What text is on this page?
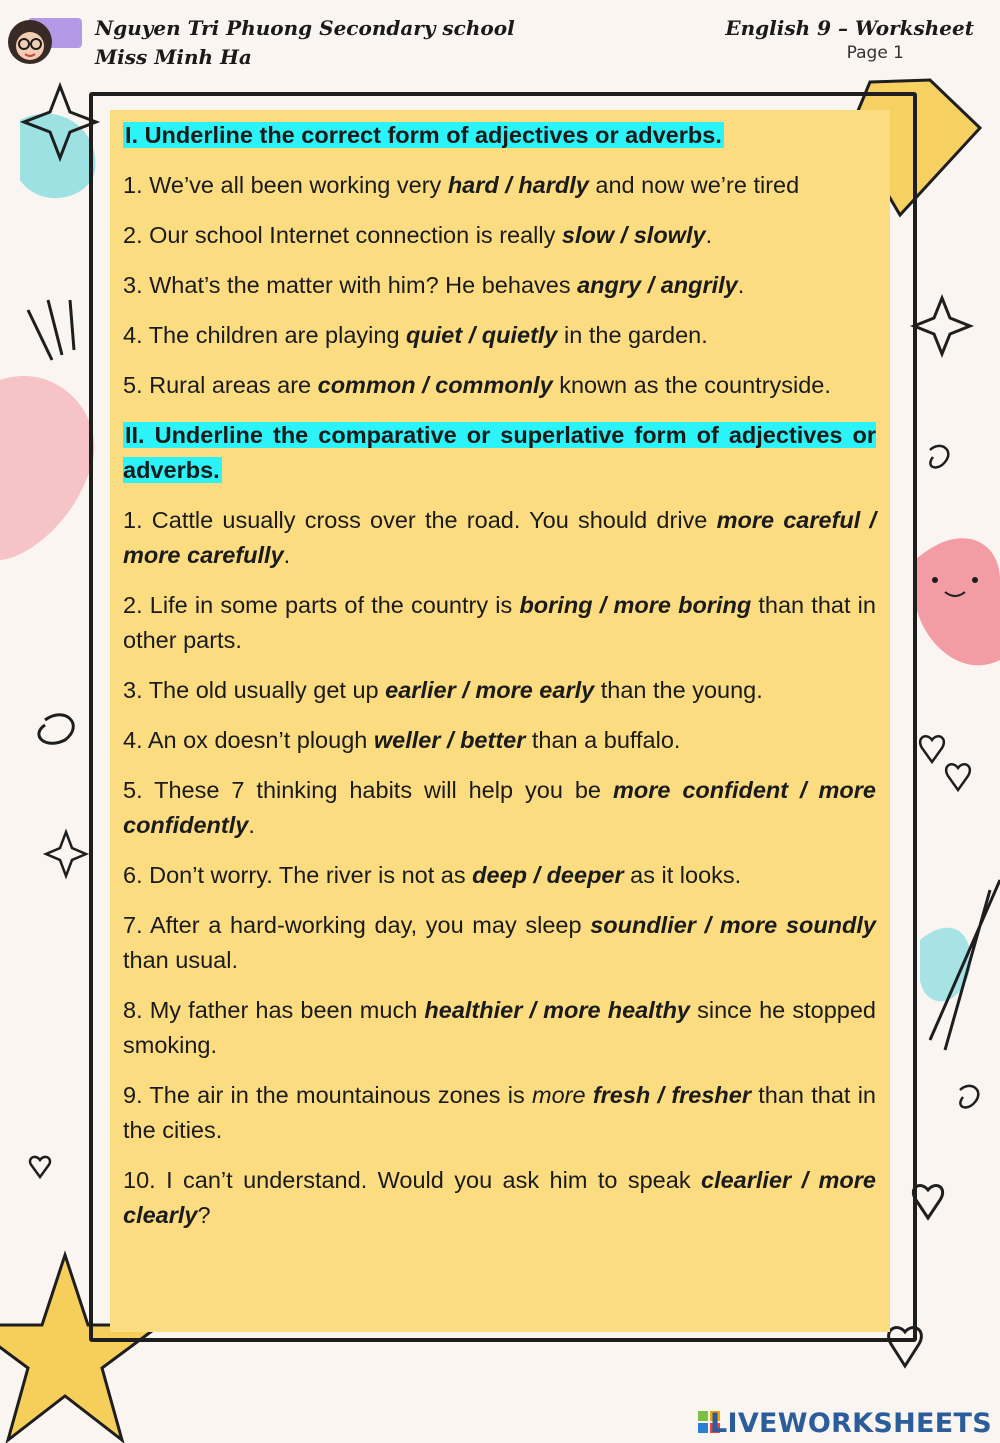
Nguyen Tri Phuong Secondary school
Miss Minh Ha
English 9 – Worksheet
Page 1

I. Underline the correct form of adjectives or adverbs.

1. We’ve all been working very hard / hardly and now we’re tired

2. Our school Internet connection is really slow / slowly.

3. What’s the matter with him? He behaves angry / angrily.

4. The children are playing quiet / quietly in the garden.

5. Rural areas are common / commonly known as the countryside.

II. Underline the comparative or superlative form of adjectives or adverbs.

1. Cattle usually cross over the road. You should drive more careful / more carefully.

2. Life in some parts of the country is boring / more boring than that in other parts.

3. The old usually get up earlier / more early than the young.

4. An ox doesn’t plough weller / better than a buffalo.

5. These 7 thinking habits will help you be more confident / more confidently.

6. Don’t worry. The river is not as deep / deeper as it looks.

7. After a hard-working day, you may sleep soundlier / more soundly than usual.

8. My father has been much healthier / more healthy since he stopped smoking.

9. The air in the mountainous zones is more fresh / fresher than that in the cities.

10. I can’t understand. Would you ask him to speak clearlier / more clearly?

LIVEWORKSHEETS
